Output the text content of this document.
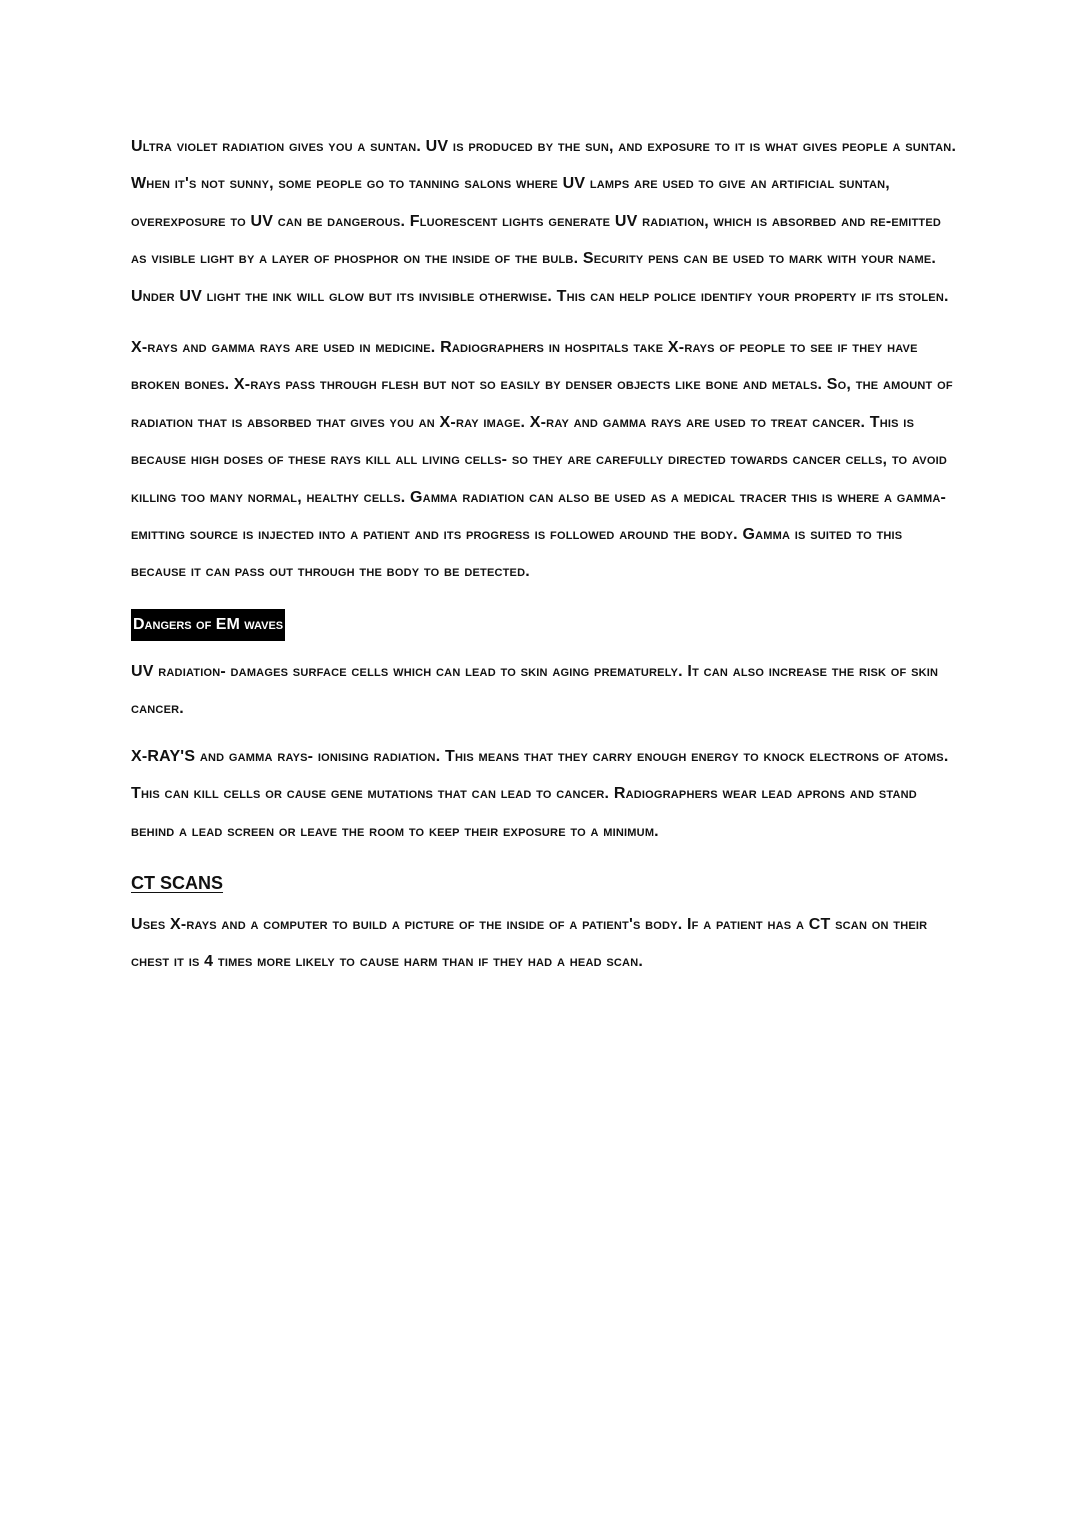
Ultra violet radiation gives you a suntan. UV is produced by the sun, and exposure to it is what gives people a suntan. When it's not sunny, some people go to tanning salons where UV lamps are used to give an artificial suntan, overexposure to UV can be dangerous. Fluorescent lights generate UV radiation, which is absorbed and re-emitted as visible light by a layer of phosphor on the inside of the bulb. Security pens can be used to mark with your name. Under UV light the ink will glow but its invisible otherwise. This can help police identify your property if its stolen.

X-rays and gamma rays are used in medicine. Radiographers in hospitals take X-rays of people to see if they have broken bones. X-rays pass through flesh but not so easily by denser objects like bone and metals. So, the amount of radiation that is absorbed that gives you an X-ray image. X-ray and gamma rays are used to treat cancer. This is because high doses of these rays kill all living cells- so they are carefully directed towards cancer cells, to avoid killing too many normal, healthy cells. Gamma radiation can also be used as a medical tracer this is where a gamma-emitting source is injected into a patient and its progress is followed around the body. Gamma is suited to this because it can pass out through the body to be detected.

Dangers of EM waves

UV radiation- damages surface cells which can lead to skin aging prematurely. It can also increase the risk of skin cancer.

X-RAY'S and gamma rays- ionising radiation. This means that they carry enough energy to knock electrons of atoms. This can kill cells or cause gene mutations that can lead to cancer. Radiographers wear lead aprons and stand behind a lead screen or leave the room to keep their exposure to a minimum.

CT SCANS

Uses X-rays and a computer to build a picture of the inside of a patient's body. If a patient has a CT scan on their chest it is 4 times more likely to cause harm than if they had a head scan.
